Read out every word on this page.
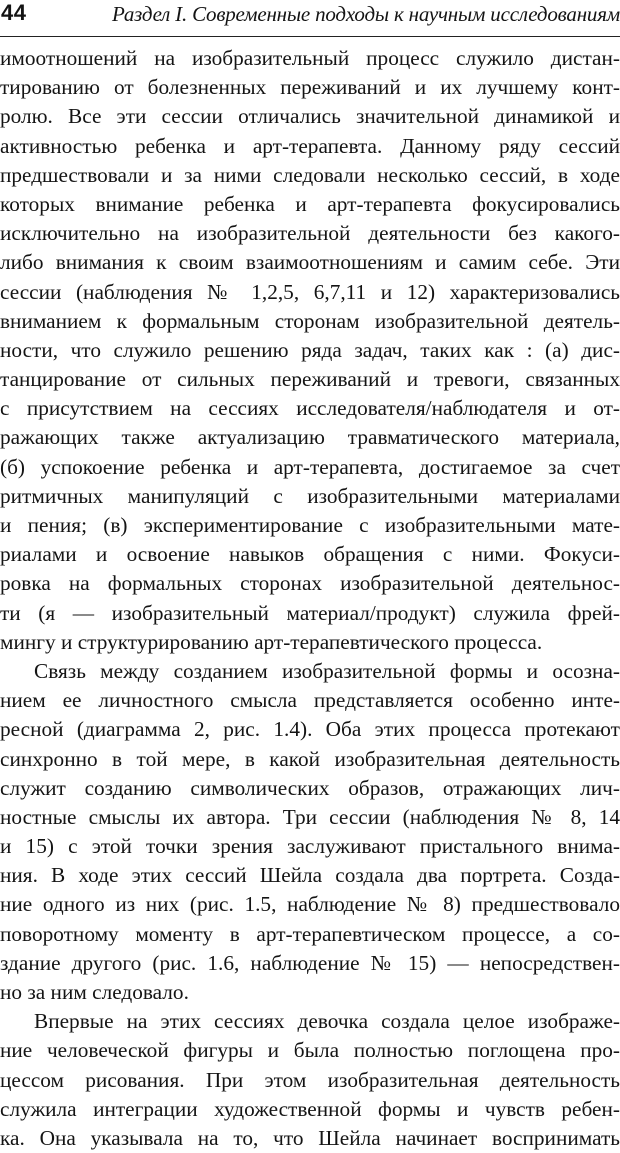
44	Раздел I. Современные подходы к научным исследованиям
имоотношений на изобразительный процесс служило дистан-
тированию от болезненных переживаний и их лучшему конт-
ролю. Все эти сессии отличались значительной динамикой и
активностью ребенка и арт-терапевта. Данному ряду сессий
предшествовали и за ними следовали несколько сессий, в ходе
которых внимание ребенка и арт-терапевта фокусировались
исключительно на изобразительной деятельности без какого-
либо внимания к своим взаимоотношениям и самим себе. Эти
сессии (наблюдения № 1,2,5, 6,7,11 и 12) характеризовались
вниманием к формальным сторонам изобразительной деятель-
ности, что служило решению ряда задач, таких как : (а) дис-
танцирование от сильных переживаний и тревоги, связанных
с присутствием на сессиях исследователя/наблюдателя и от-
ражающих также актуализацию травматического материала,
(б) успокоение ребенка и арт-терапевта, достигаемое за счет
ритмичных манипуляций с изобразительными материалами
и пения; (в) экспериментирование с изобразительными мате-
риалами и освоение навыков обращения с ними. Фокуси-
ровка на формальных сторонах изобразительной деятельнос-
ти (я — изобразительный материал/продукт) служила фрей-
мингу и структурированию арт-терапевтического процесса.
Связь между созданием изобразительной формы и осозна-
нием ее личностного смысла представляется особенно инте-
ресной (диаграмма 2, рис. 1.4). Оба этих процесса протекают
синхронно в той мере, в какой изобразительная деятельность
служит созданию символических образов, отражающих лич-
ностные смыслы их автора. Три сессии (наблюдения № 8, 14
и 15) с этой точки зрения заслуживают пристального внима-
ния. В ходе этих сессий Шейла создала два портрета. Созда-
ние одного из них (рис. 1.5, наблюдение № 8) предшествовало
поворотному моменту в арт-терапевтическом процессе, а со-
здание другого (рис. 1.6, наблюдение № 15) — непосредствен-
но за ним следовало.
Впервые на этих сессиях девочка создала целое изображе-
ние человеческой фигуры и была полностью поглощена про-
цессом рисования. При этом изобразительная деятельность
служила интеграции художественной формы и чувств ребен-
ка. Она указывала на то, что Шейла начинает воспринимать
